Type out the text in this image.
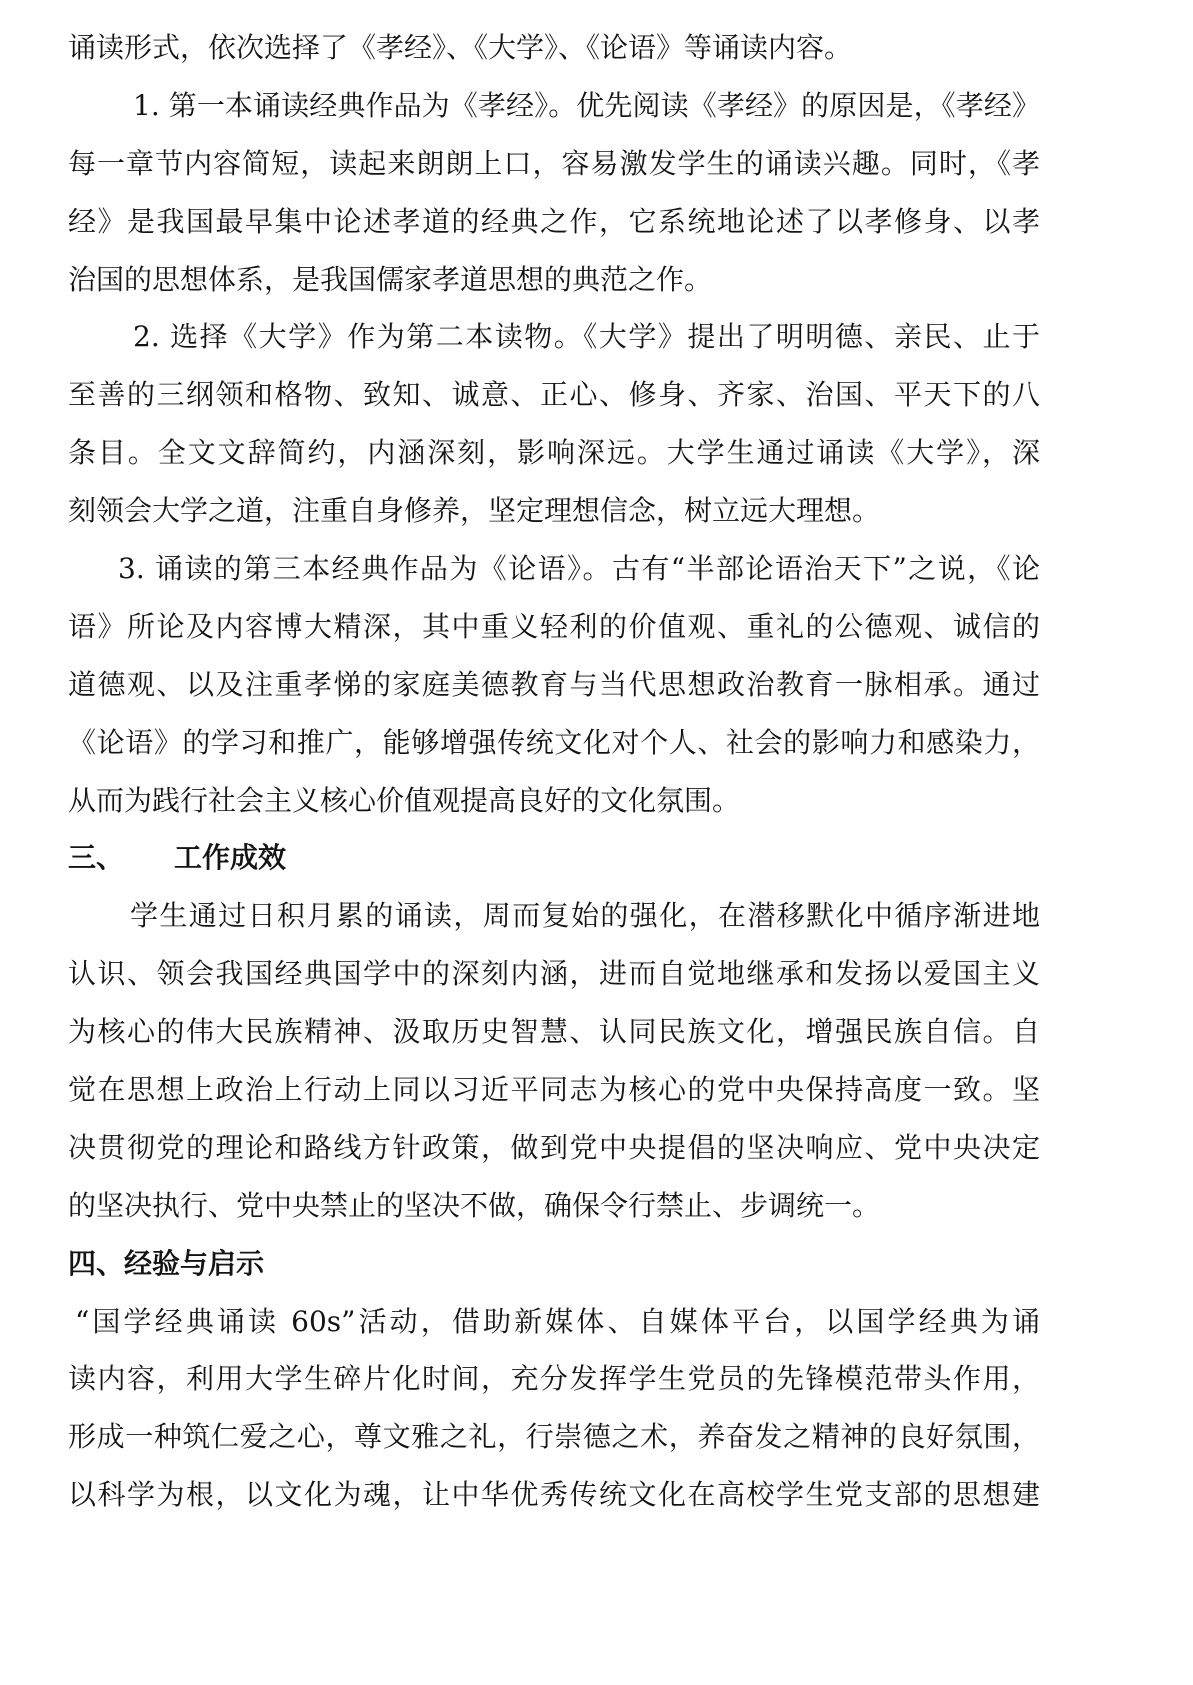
诵读形式，依次选择了《孝经》、《大学》、《论语》等诵读内容。
1. 第一本诵读经典作品为《孝经》。优先阅读《孝经》的原因是，《孝经》
每一章节内容简短，读起来朗朗上口，容易激发学生的诵读兴趣。同时，《孝
经》是我国最早集中论述孝道的经典之作，它系统地论述了以孝修身、以孝
治国的思想体系，是我国儒家孝道思想的典范之作。
2. 选择《大学》作为第二本读物。《大学》提出了明明德、亲民、止于
至善的三纲领和格物、致知、诚意、正心、修身、齐家、治国、平天下的八
条目。全文文辞简约，内涵深刻，影响深远。大学生通过诵读《大学》，深
刻领会大学之道，注重自身修养，坚定理想信念，树立远大理想。
3. 诵读的第三本经典作品为《论语》。古有“半部论语治天下”之说，《论
语》所论及内容博大精深，其中重义轻利的价值观、重礼的公德观、诚信的
道德观、以及注重孝悌的家庭美德教育与当代思想政治教育一脉相承。通过
《论语》的学习和推广，能够增强传统文化对个人、社会的影响力和感染力，
从而为践行社会主义核心价值观提高良好的文化氛围。
三、 工作成效
学生通过日积月累的诵读，周而复始的强化，在潜移默化中循序渐进地
认识、领会我国经典国学中的深刻内涵，进而自觉地继承和发扬以爱国主义
为核心的伟大民族精神、汲取历史智慧、认同民族文化，增强民族自信。自
觉在思想上政治上行动上同以习近平同志为核心的党中央保持高度一致。坚
决贯彻党的理论和路线方针政策，做到党中央提倡的坚决响应、党中央决定
的坚决执行、党中央禁止的坚决不做，确保令行禁止、步调统一。
四、经验与启示
“国学经典诵读 60s”活动，借助新媒体、自媒体平台，以国学经典为诵
读内容，利用大学生碎片化时间，充分发挥学生党员的先锋模范带头作用，
形成一种筑仁爱之心，尊文雅之礼，行崇德之术，养奋发之精神的良好氛围，
以科学为根，以文化为魂，让中华优秀传统文化在高校学生党支部的思想建
